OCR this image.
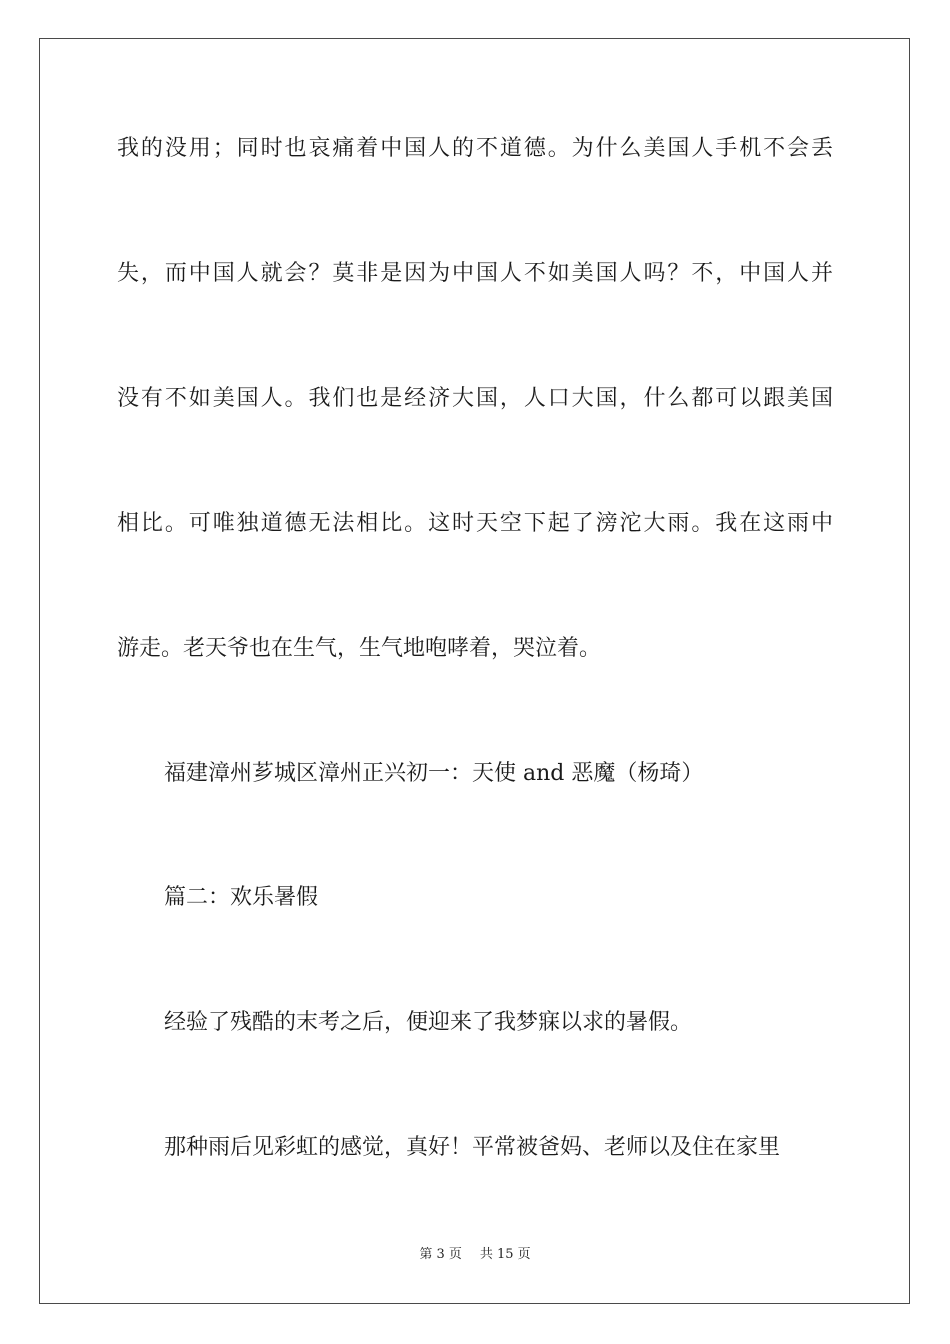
我的没用；同时也哀痛着中国人的不道德。为什么美国人手机不会丢
失，而中国人就会？莫非是因为中国人不如美国人吗？不，中国人并
没有不如美国人。我们也是经济大国，人口大国，什么都可以跟美国
相比。可唯独道德无法相比。这时天空下起了滂沱大雨。我在这雨中
游走。老天爷也在生气，生气地咆哮着，哭泣着。
福建漳州芗城区漳州正兴初一：天使 and 恶魔（杨琦）
篇二：欢乐暑假
经验了残酷的末考之后，便迎来了我梦寐以求的暑假。
那种雨后见彩虹的感觉，真好！平常被爸妈、老师以及住在家里
第 3 页 共 15 页
